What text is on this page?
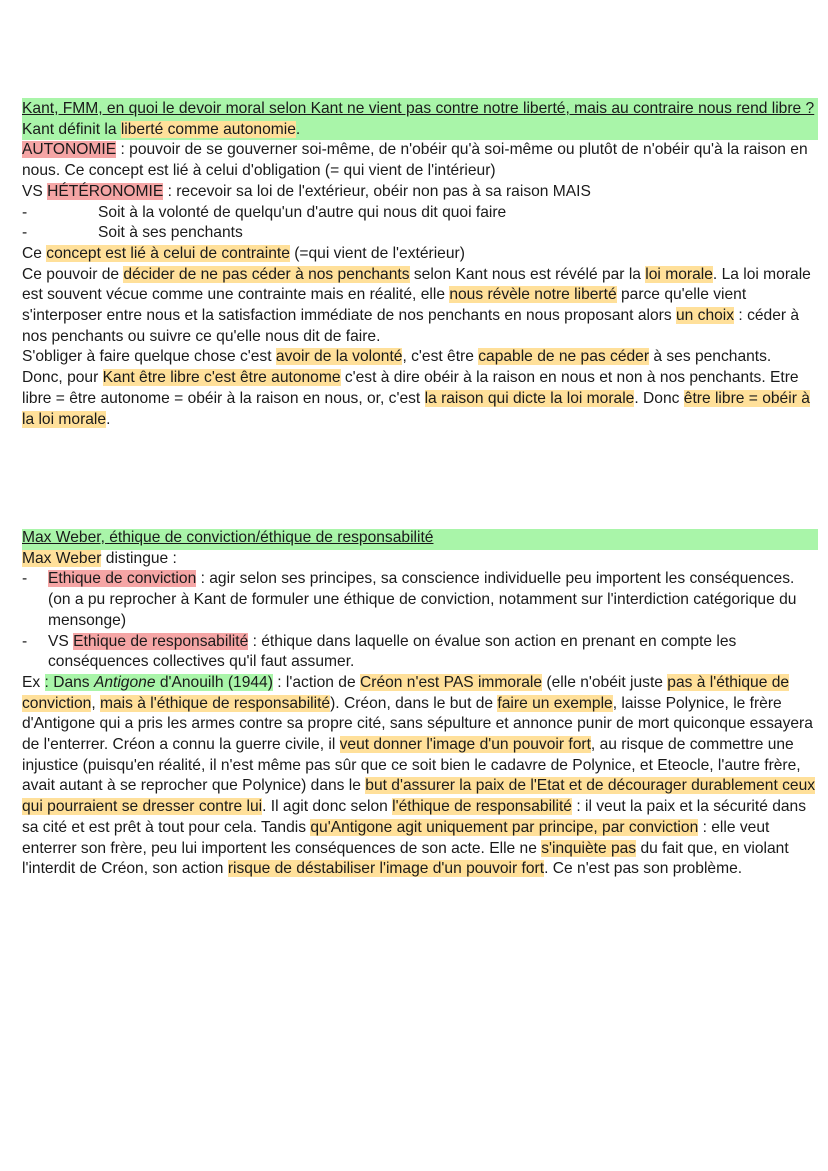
Kant, FMM, en quoi le devoir moral selon Kant ne vient pas contre notre liberté, mais au contraire nous rend libre ?

Kant définit la liberté comme autonomie.

AUTONOMIE : pouvoir de se gouverner soi-même, de n'obéir qu'à soi-même ou plutôt de n'obéir qu'à la raison en nous. Ce concept est lié à celui d'obligation (= qui vient de l'intérieur)

VS HÉTÉRONOMIE : recevoir sa loi de l'extérieur, obéir non pas à sa raison MAIS

-	Soit à la volonté de quelqu'un d'autre qui nous dit quoi faire

-	Soit à ses penchants

Ce concept est lié à celui de contrainte (=qui vient de l'extérieur)

Ce pouvoir de décider de ne pas céder à nos penchants selon Kant nous est révélé par la loi morale. La loi morale est souvent vécue comme une contrainte mais en réalité, elle nous révèle notre liberté parce qu'elle vient s'interposer entre nous et la satisfaction immédiate de nos penchants en nous proposant alors un choix : céder à nos penchants ou suivre ce qu'elle nous dit de faire.

S'obliger à faire quelque chose c'est avoir de la volonté, c'est être capable de ne pas céder à ses penchants.

Donc, pour Kant être libre c'est être autonome c'est à dire obéir à la raison en nous et non à nos penchants. Etre libre = être autonome = obéir à la raison en nous, or, c'est la raison qui dicte la loi morale. Donc être libre = obéir à la loi morale.

Max Weber, éthique de conviction/éthique de responsabilité

Max Weber distingue :

- Ethique de conviction : agir selon ses principes, sa conscience individuelle peu importent les conséquences. (on a pu reprocher à Kant de formuler une éthique de conviction, notamment sur l'interdiction catégorique du mensonge)

- VS Ethique de responsabilité : éthique dans laquelle on évalue son action en prenant en compte les conséquences collectives qu'il faut assumer.

Ex : Dans Antigone d'Anouilh (1944) : l'action de Créon n'est PAS immorale (elle n'obéit juste pas à l'éthique de conviction, mais à l'éthique de responsabilité). Créon, dans le but de faire un exemple, laisse Polynice, le frère d'Antigone qui a pris les armes contre sa propre cité, sans sépulture et annonce punir de mort quiconque essayera de l'enterrer. Créon a connu la guerre civile, il veut donner l'image d'un pouvoir fort, au risque de commettre une injustice (puisqu'en réalité, il n'est même pas sûr que ce soit bien le cadavre de Polynice, et Eteocle, l'autre frère, avait autant à se reprocher que Polynice) dans le but d'assurer la paix de l'Etat et de décourager durablement ceux qui pourraient se dresser contre lui. Il agit donc selon l'éthique de responsabilité : il veut la paix et la sécurité dans sa cité et est prêt à tout pour cela. Tandis qu'Antigone agit uniquement par principe, par conviction : elle veut enterrer son frère, peu lui importent les conséquences de son acte. Elle ne s'inquiète pas du fait que, en violant l'interdit de Créon, son action risque de déstabiliser l'image d'un pouvoir fort. Ce n'est pas son problème.
